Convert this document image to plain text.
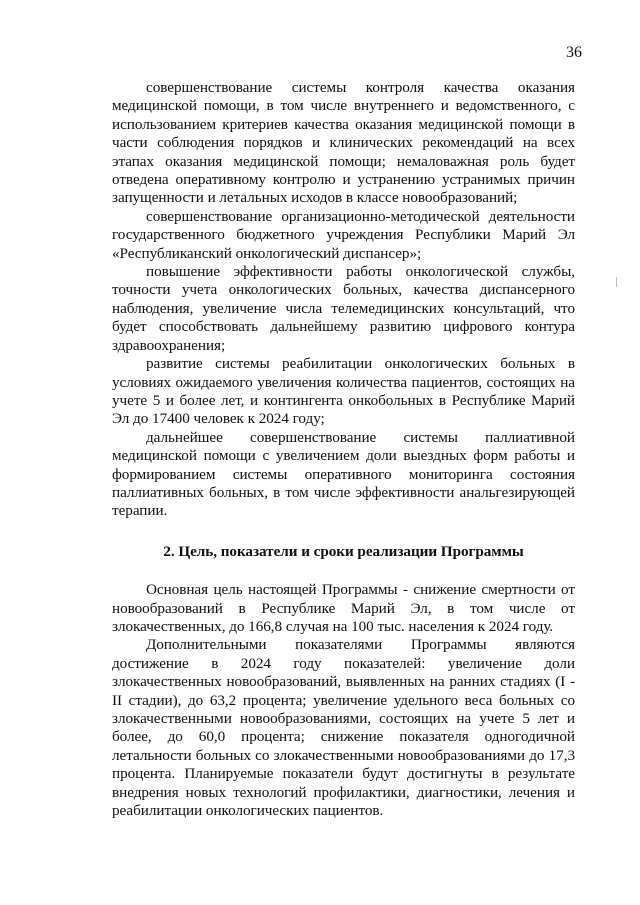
36

совершенствование системы контроля качества оказания медицинской помощи, в том числе внутреннего и ведомственного, с использованием критериев качества оказания медицинской помощи в части соблюдения порядков и клинических рекомендаций на всех этапах оказания медицинской помощи; немаловажная роль будет отведена оперативному контролю и устранению устранимых причин запущенности и летальных исходов в классе новообразований;

совершенствование организационно-методической деятельности государственного бюджетного учреждения Республики Марий Эл «Республиканский онкологический диспансер»;

повышение эффективности работы онкологической службы, точности учета онкологических больных, качества диспансерного наблюдения, увеличение числа телемедицинских консультаций, что будет способствовать дальнейшему развитию цифрового контура здравоохранения;

развитие системы реабилитации онкологических больных в условиях ожидаемого увеличения количества пациентов, состоящих на учете 5 и более лет, и контингента онкобольных в Республике Марий Эл до 17400 человек к 2024 году;

дальнейшее совершенствование системы паллиативной медицинской помощи с увеличением доли выездных форм работы и формированием системы оперативного мониторинга состояния паллиативных больных, в том числе эффективности анальгезирующей терапии.

2. Цель, показатели и сроки реализации Программы

Основная цель настоящей Программы - снижение смертности от новообразований в Республике Марий Эл, в том числе от злокачественных, до 166,8 случая на 100 тыс. населения к 2024 году.

Дополнительными показателями Программы являются достижение в 2024 году показателей: увеличение доли злокачественных новообразований, выявленных на ранних стадиях (I - II стадии), до 63,2 процента; увеличение удельного веса больных со злокачественными новообразованиями, состоящих на учете 5 лет и более, до 60,0 процента; снижение показателя одногодичной летальности больных со злокачественными новообразованиями до 17,3 процента. Планируемые показатели будут достигнуты в результате внедрения новых технологий профилактики, диагностики, лечения и реабилитации онкологических пациентов.
